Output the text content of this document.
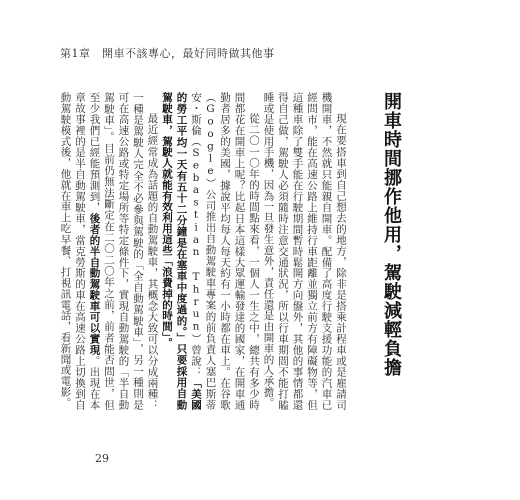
第1章　開車不該專心，最好同時做其他事
開車時間挪作他用，駕駛減輕負擔

現在要搭車到自己想去的地方，除非是搭乘計程車或是雇請司機開車，不然就只能親自開車。配備了高度行駛支援功能的汽車已經問市，能在高速公路上維持行車距離並獨立前方有障礙物等，但這種車除了雙手能在行駛期間暫時鬆開方向盤外，其他的事情都還得自己做，駕駛人必須隨時注意交通狀況，所以行車期間不能打瞌睡或是使用手機，因為一旦發生意外，責任還是由開車的人承擔。

從二〇一〇年的時間點來看，一個人一生之中，總共有多少時間都花在開車上呢？比起日本這樣大眾運輸發達的國家，在開車通勤者居多的美國，據說平均每人每天約有一小時都在車上。在谷歌（Google）公司推出自動駕駛車專案的前負責人塞巴斯蒂安・斯倫（Sebastian Thrun）曾說：「美國的勞工平均一天有五十二分鐘是在塞車中度過的。」只要採用自動駕駛車，駕駛人就能有效利用這些「浪費掉的時間」。

最近經常成為話題的自動駕駛車，其概念大致可以分成兩種：一種是駕駛人完全不必參與駕駛的「全自動駕駛車」，另一種則是可在高速公路或特定場所等特定條件下，實現自動駕駛的「半自動駕駛車」。目前仍無法斷定在二〇二〇年之前，前者能否問世，但至少我們已經能預測到，後者的半自動駕駛車可以實現。出現在本章故事裡的是半自動駕駛車，當克勞斯的車在高速公路上切換到自動駕駛模式後，他就在車上吃早餐、打視訊電話，看新聞或電影。

29
